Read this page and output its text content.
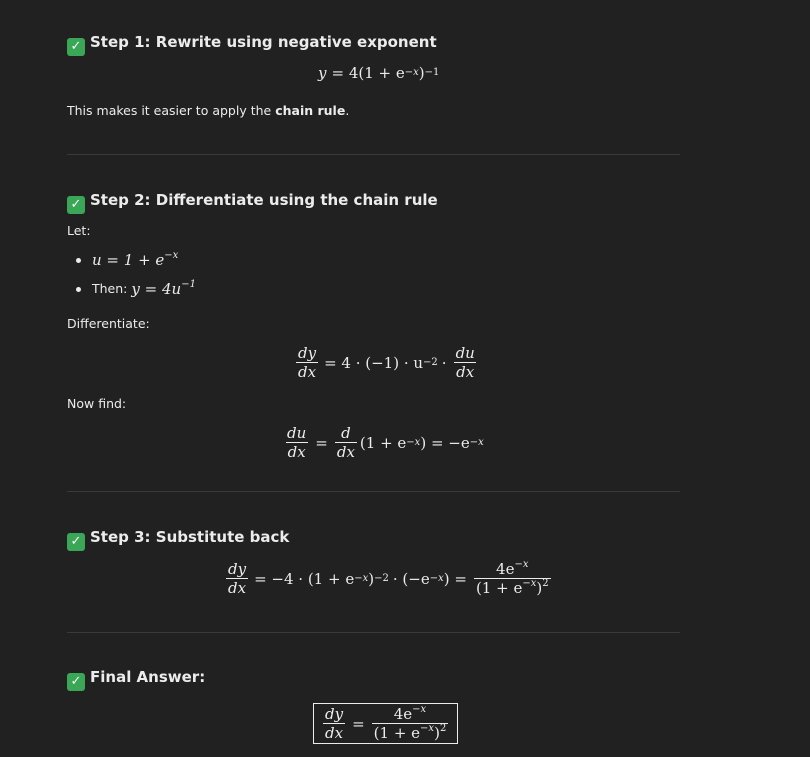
✓ Step 1: Rewrite using negative exponent
y = 4(1 + e −x ) −1
This makes it easier to apply the chain rule.
✓ Step 2: Differentiate using the chain rule
Let:
$u = 1 + e^{-x}$
Then: $y = 4u^{-1}$
Differentiate:
$\frac{dy}{dx} = 4 \cdot (-1) \cdot u -2 \cdot \frac{du}{dx}$
Now find:
$\frac{du}{dx} = \frac{d}{dx} (1 + e -x$ ) = −e −x
✓ Step 3: Substitute back
$\frac{dy}{dx} = -4 \cdot (1 + e -x$ ) −2 · (−e −x ) = $\frac{4e^{-x}}{(1 + e^{-x})^2}$
✓ Final Answer:
$\frac{dy}{dx} = \frac{4e^{-x}}{(1 + e^{-x})^2}$
